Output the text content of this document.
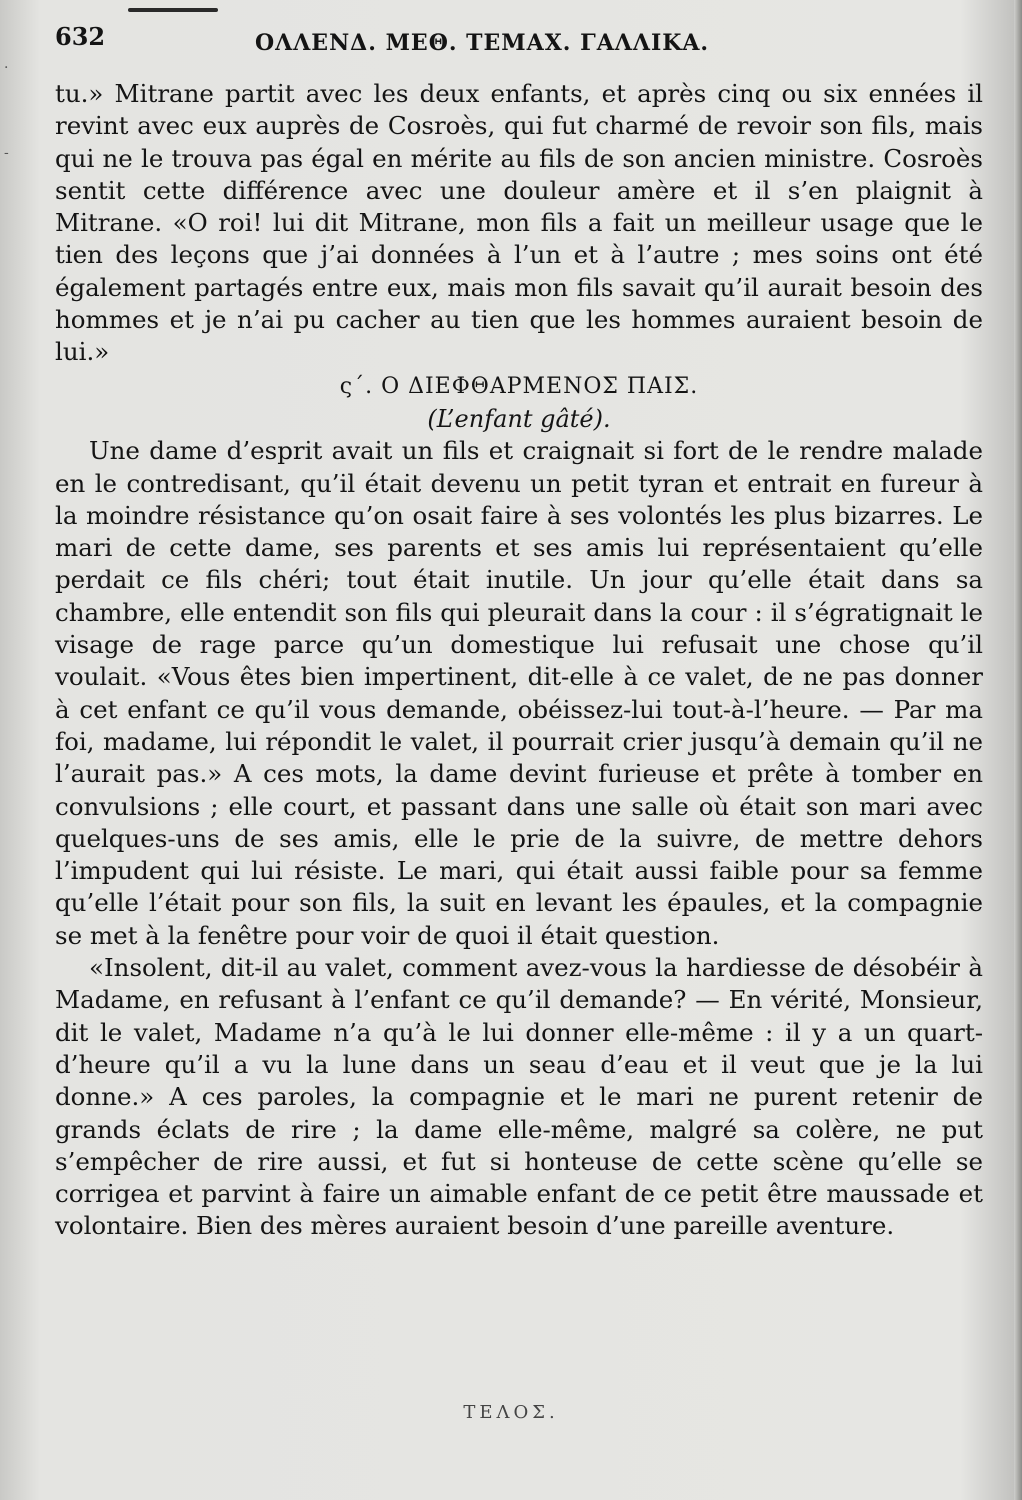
·
-
632	ΟΛΛΕΝΔ. ΜΕΘ. ΤΕΜΑΧ. ΓΑΛΛΙΚΑ.

tu.» Mitrane partit avec les deux enfants, et après cinq ou six ennées il revint avec eux auprès de Cosroès, qui fut charmé de revoir son fils, mais qui ne le trouva pas égal en mérite au fils de son ancien ministre. Cosroès sentit cette différence avec une douleur amère et il s’en plaignit à Mitrane. «O roi! lui dit Mitrane, mon fils a fait un meilleur usage que le tien des leçons que j’ai données à l’un et à l’autre ; mes soins ont été également partagés entre eux, mais mon fils savait qu’il aurait besoin des hommes et je n’ai pu cacher au tien que les hommes auraient besoin de lui.»

ς΄. Ο ΔΙΕΦΘΑΡΜΕΝΟΣ ΠΑΙΣ.

(L’enfant gâté).

Une dame d’esprit avait un fils et craignait si fort de le rendre malade en le contredisant, qu’il était devenu un petit tyran et entrait en fureur à la moindre résistance qu’on osait faire à ses volontés les plus bizarres. Le mari de cette dame, ses parents et ses amis lui représentaient qu’elle perdait ce fils chéri; tout était inutile. Un jour qu’elle était dans sa chambre, elle entendit son fils qui pleurait dans la cour : il s’égratignait le visage de rage parce qu’un domestique lui refusait une chose qu’il voulait. «Vous êtes bien impertinent, dit-elle à ce valet, de ne pas donner à cet enfant ce qu’il vous demande, obéissez-lui tout-à-l’heure. — Par ma foi, madame, lui répondit le valet, il pourrait crier jusqu’à demain qu’il ne l’aurait pas.» A ces mots, la dame devint furieuse et prête à tomber en convulsions ; elle court, et passant dans une salle où était son mari avec quelques-uns de ses amis, elle le prie de la suivre, de mettre dehors l’impudent qui lui résiste. Le mari, qui était aussi faible pour sa femme qu’elle l’était pour son fils, la suit en levant les épaules, et la compagnie se met à la fenêtre pour voir de quoi il était question.

«Insolent, dit-il au valet, comment avez-vous la hardiesse de désobéir à Madame, en refusant à l’enfant ce qu’il demande? — En vérité, Monsieur, dit le valet, Madame n’a qu’à le lui donner elle-même : il y a un quart-d’heure qu’il a vu la lune dans un seau d’eau et il veut que je la lui donne.» A ces paroles, la compagnie et le mari ne purent retenir de grands éclats de rire ; la dame elle-même, malgré sa colère, ne put s’empêcher de rire aussi, et fut si honteuse de cette scène qu’elle se corrigea et parvint à faire un aimable enfant de ce petit être maussade et volontaire. Bien des mères auraient besoin d’une pareille aventure.

ΤΕΛΟΣ.
